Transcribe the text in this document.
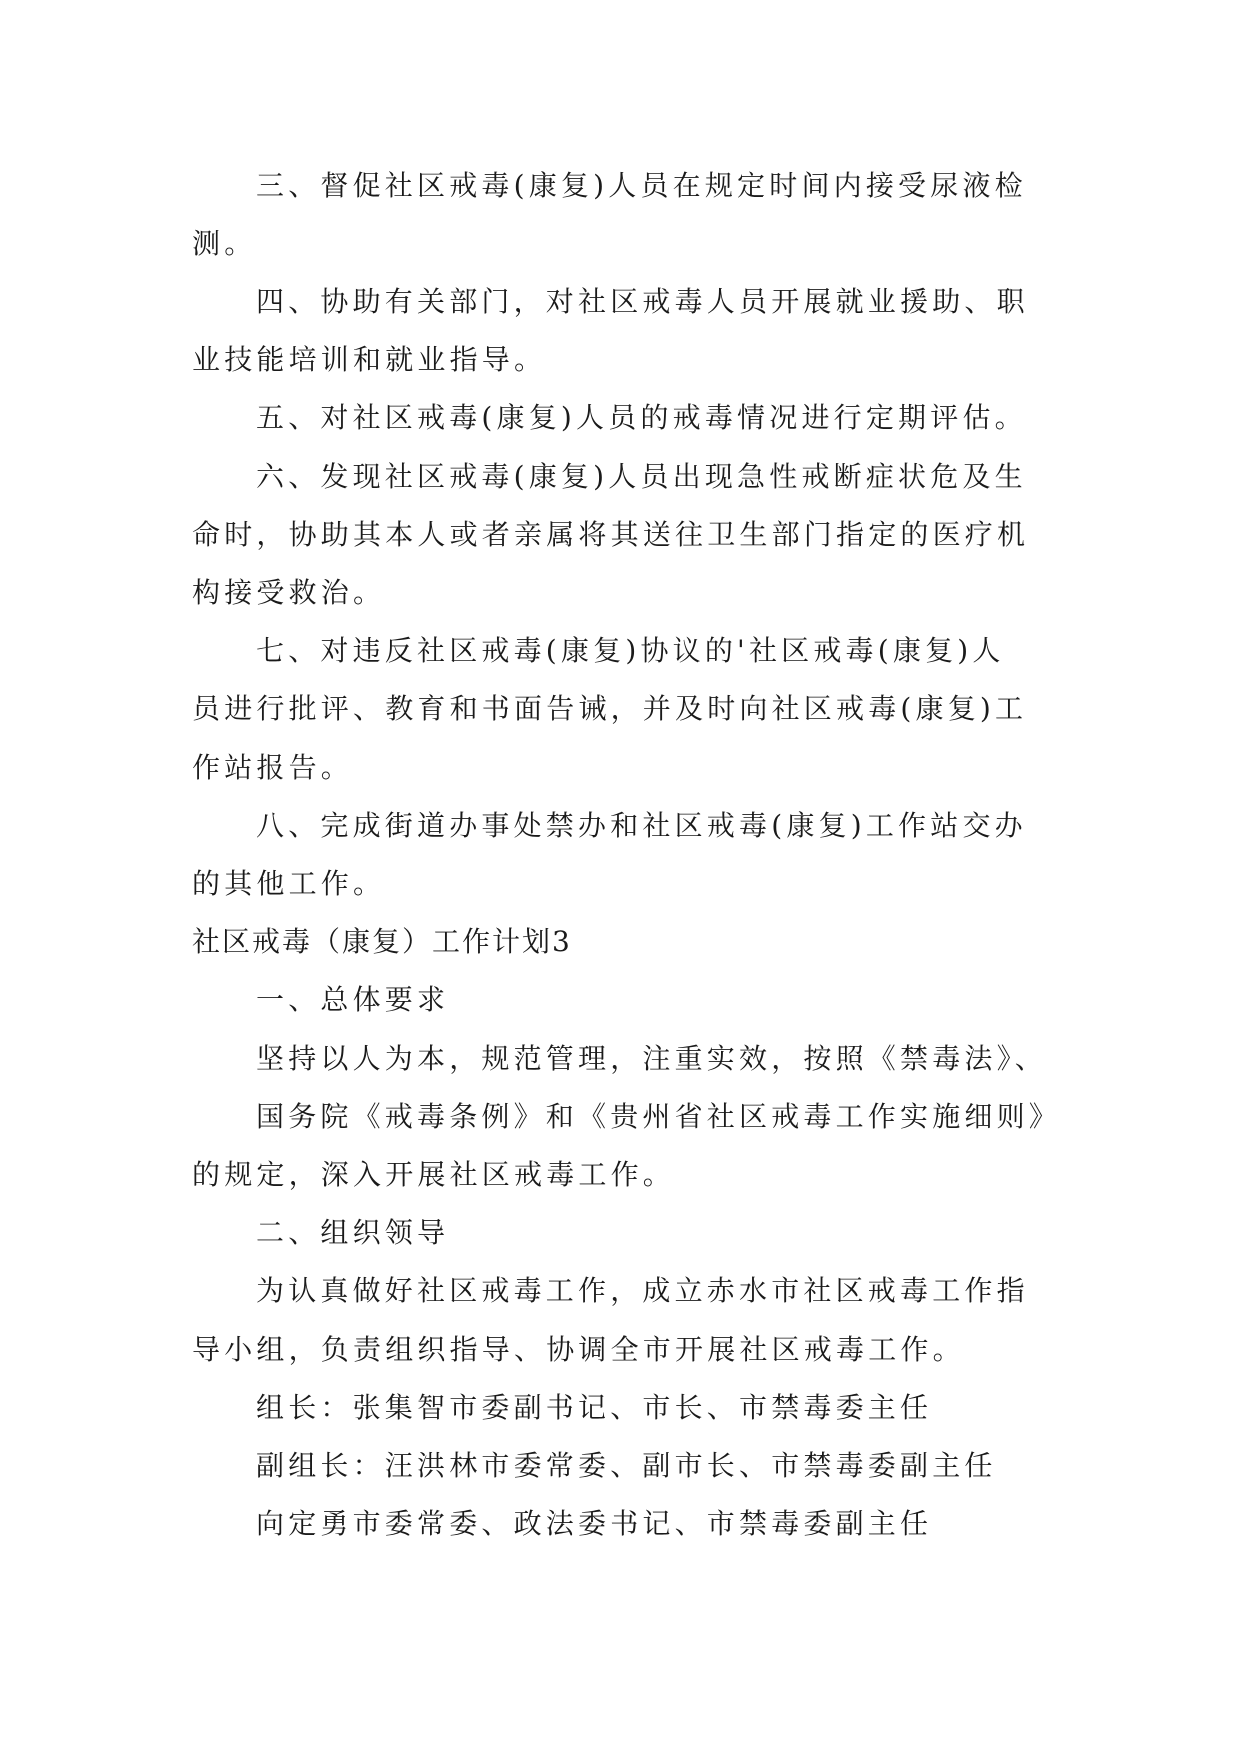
三、督促社区戒毒(康复)人员在规定时间内接受尿液检
测。
四、协助有关部门，对社区戒毒人员开展就业援助、职
业技能培训和就业指导。
五、对社区戒毒(康复)人员的戒毒情况进行定期评估。
六、发现社区戒毒(康复)人员出现急性戒断症状危及生
命时，协助其本人或者亲属将其送往卫生部门指定的医疗机
构接受救治。
七、对违反社区戒毒(康复)协议的'社区戒毒(康复)人
员进行批评、教育和书面告诫，并及时向社区戒毒(康复)工
作站报告。
八、完成街道办事处禁办和社区戒毒(康复)工作站交办
的其他工作。
社区戒毒（康复）工作计划3
一、总体要求
坚持以人为本，规范管理，注重实效，按照《禁毒法》、
国务院《戒毒条例》和《贵州省社区戒毒工作实施细则》
的规定，深入开展社区戒毒工作。
二、组织领导
为认真做好社区戒毒工作，成立赤水市社区戒毒工作指
导小组，负责组织指导、协调全市开展社区戒毒工作。
组长：张集智市委副书记、市长、市禁毒委主任
副组长：汪洪林市委常委、副市长、市禁毒委副主任
向定勇市委常委、政法委书记、市禁毒委副主任
